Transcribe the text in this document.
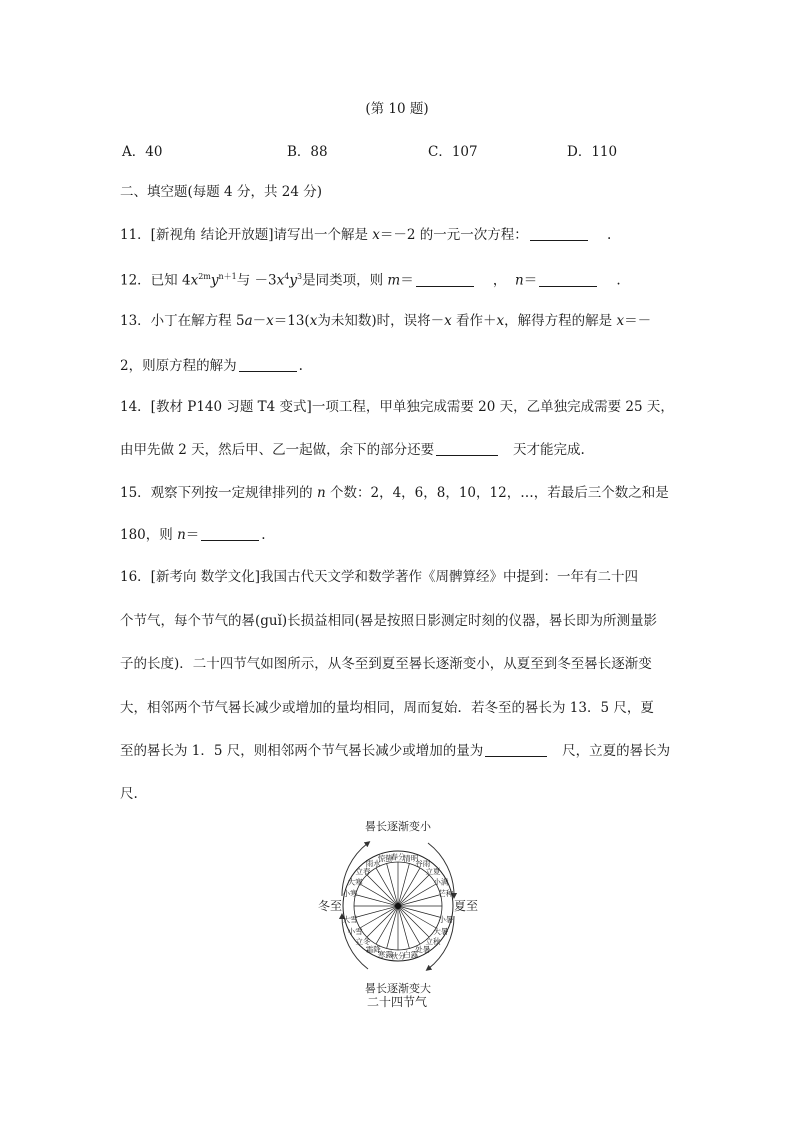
(第 10 题)
A．40	B．88	C．107	D．110
二、填空题(每题 4 分，共 24 分)
11．[新视角 结论开放题]请写出一个解是 x＝－2 的一元一次方程：	.
12．已知 $4x^{2m}y^{n+1}$与 $-3x^4y^3$是同类项，则 m＝	， n＝	.
13．小丁在解方程 5a－x＝13(x为未知数)时，误将－x 看作＋x，解得方程的解是 x＝－
2，则原方程的解为	.
14．[教材 P140 习题 T4 变式]一项工程，甲单独完成需要 20 天，乙单独完成需要 25 天，
由甲先做 2 天，然后甲、乙一起做，余下的部分还要	天才能完成.
15．观察下列按一定规律排列的 n 个数：2，4，6，8，10，12，…，若最后三个数之和是
180，则 n＝	.
16．[新考向 数学文化]我国古代天文学和数学著作《周髀算经》中提到：一年有二十四
个节气，每个节气的晷(guǐ)长损益相同(晷是按照日影测定时刻的仪器，晷长即为所测量影
子的长度)．二十四节气如图所示，从冬至到夏至晷长逐渐变小，从夏至到冬至晷长逐渐变
大，相邻两个节气晷长减少或增加的量均相同，周而复始．若冬至的晷长为 13．5 尺，夏
至的晷长为 1．5 尺，则相邻两个节气晷长减少或增加的量为	尺，立夏的晷长为
尺.
晷长逐渐变小
晷长逐渐变大
冬至	夏至
春分
清明
谷雨
立夏
小满
芒种
小暑
大暑
立秋
处暑
白露
秋分
寒露
霜降
立冬
小雪
大雪
小寒
大寒
立春
雨水
惊蛰
二十四节气
